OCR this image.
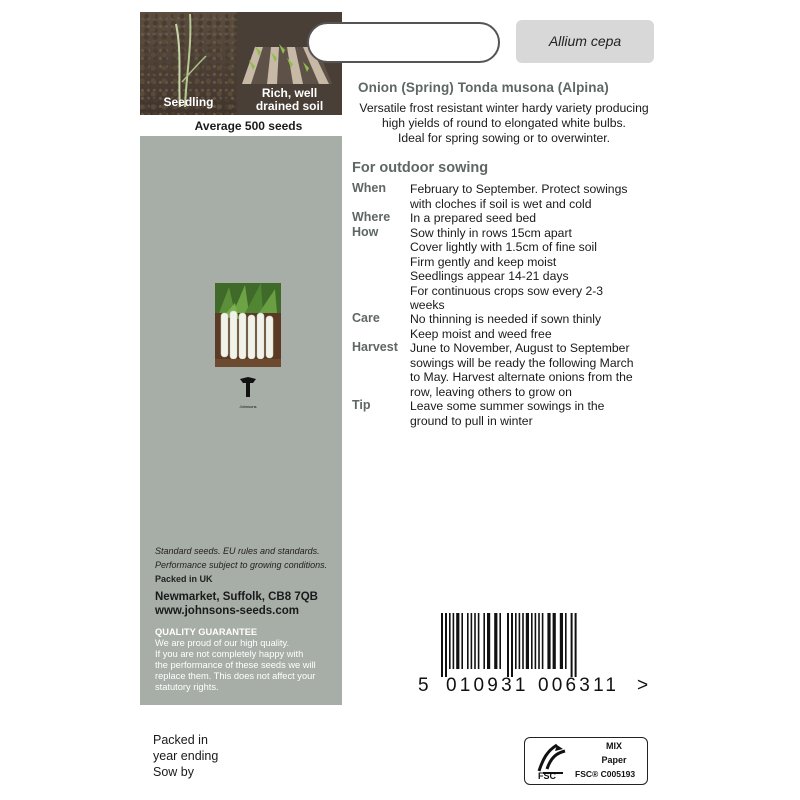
Seedling
Rich, well
drained soil
Average 500 seeds
Johnsons
Standard seeds. EU rules and standards.
Performance subject to growing conditions.
Packed in UK
Newmarket, Suffolk, CB8 7QB
www.johnsons-seeds.com
QUALITY GUARANTEE
We are proud of our high quality.
If you are not completely happy with
the performance of these seeds we will
replace them. This does not affect your
statutory rights.
Allium cepa
Onion (Spring) Tonda musona (Alpina)
Versatile frost resistant winter hardy variety producing
high yields of round to elongated white bulbs.
Ideal for spring sowing or to overwinter.
For outdoor sowing
When February to September. Protect sowings
with cloches if soil is wet and cold
Where In a prepared seed bed
How	Sow thinly in rows 15cm apart
Cover lightly with 1.5cm of fine soil
Firm gently and keep moist
Seedlings appear 14-21 days
For continuous crops sow every 2-3
weeks
Care No thinning is needed if sown thinly
Keep moist and weed free
Harvest June to November, August to September
sowings will be ready the following March
to May. Harvest alternate onions from the
row, leaving others to grow on
Tip	Leave some summer sowings in the
ground to pull in winter
5 010931 006311 >
Packed in
year ending
Sow by	FSC
MIX
Paper
FSC® C005193
